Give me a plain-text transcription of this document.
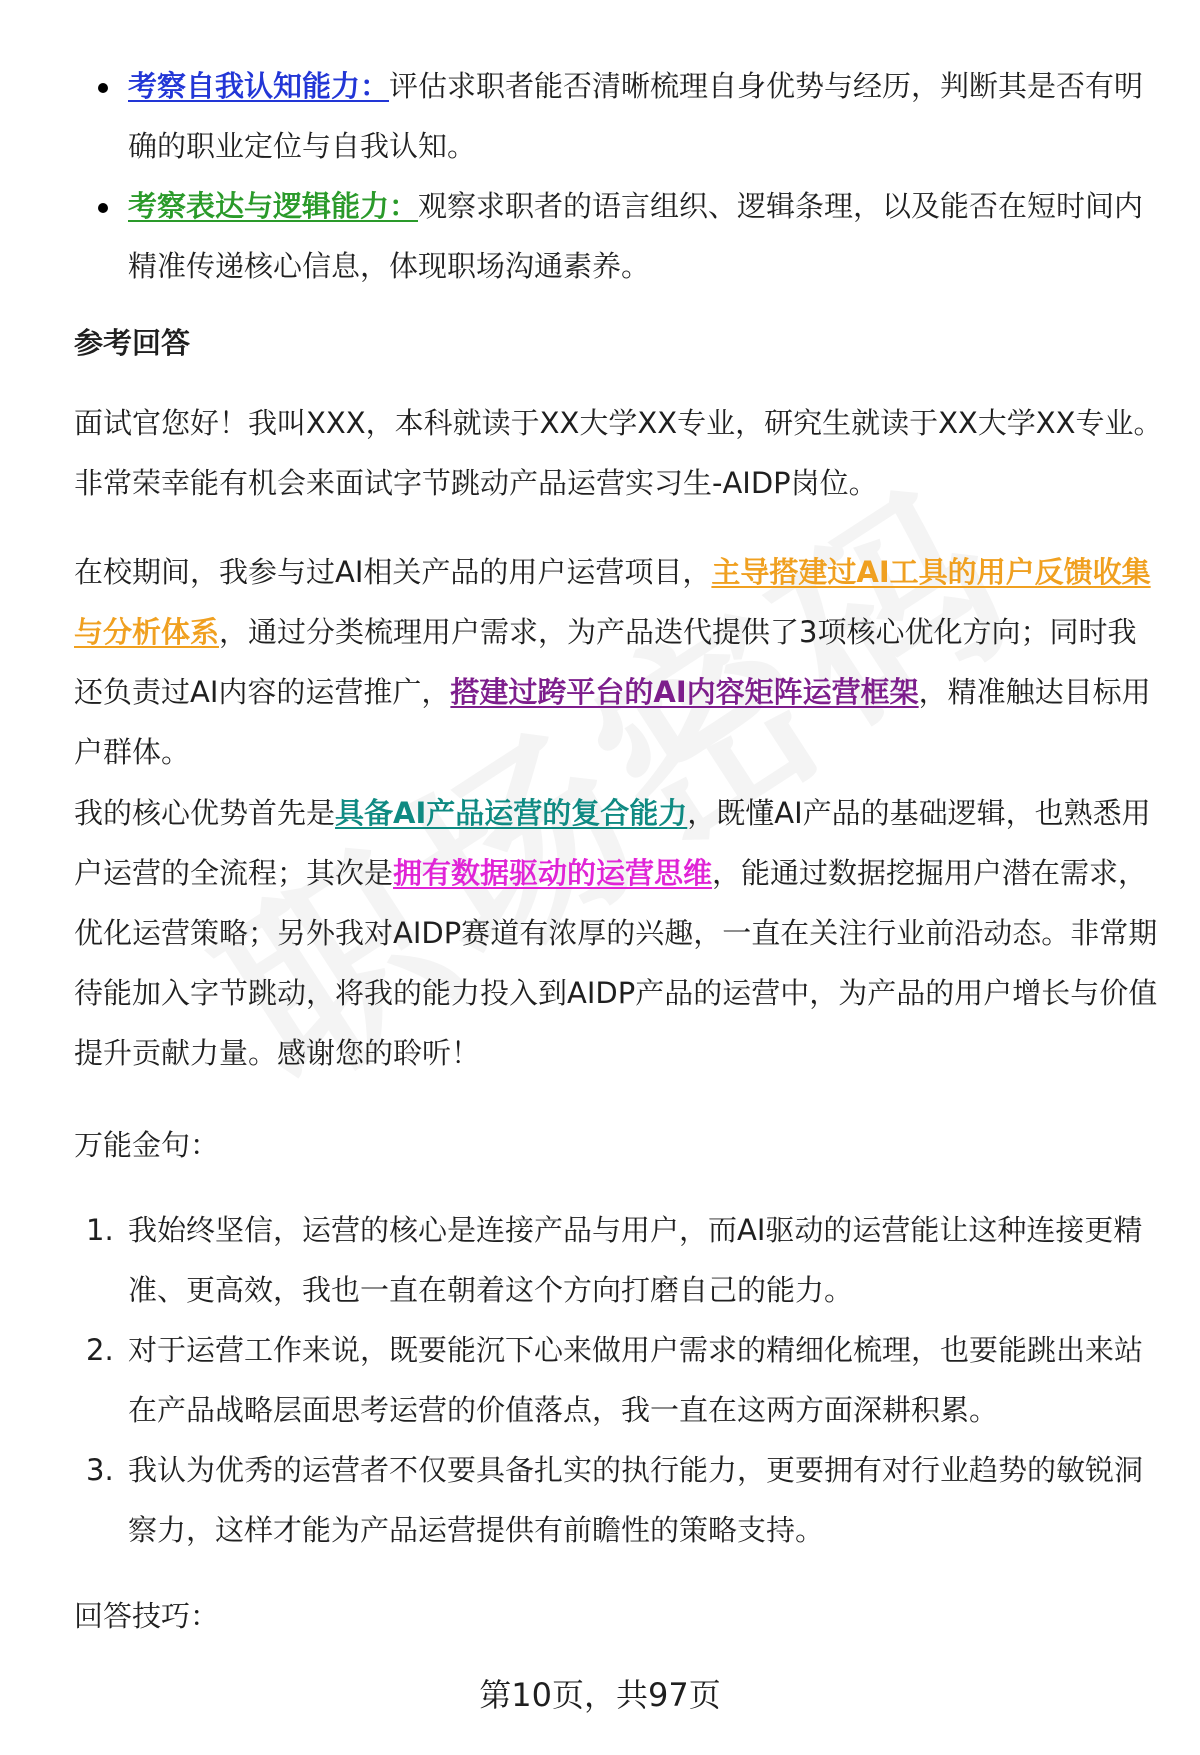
考察自我认知能力：评估求职者能否清晰梳理自身优势与经历，判断其是否有明确的职业定位与自我认知。
考察表达与逻辑能力：观察求职者的语言组织、逻辑条理，以及能否在短时间内精准传递核心信息，体现职场沟通素养。
参考回答

面试官您好！我叫XXX，本科就读于XX大学XX专业，研究生就读于XX大学XX专业。非常荣幸能有机会来面试字节跳动产品运营实习生-AIDP岗位。

在校期间，我参与过AI相关产品的用户运营项目，主导搭建过AI工具的用户反馈收集与分析体系，通过分类梳理用户需求，为产品迭代提供了3项核心优化方向；同时我还负责过AI内容的运营推广，搭建过跨平台的AI内容矩阵运营框架，精准触达目标用户群体。

我的核心优势首先是具备AI产品运营的复合能力，既懂AI产品的基础逻辑，也熟悉用户运营的全流程；其次是拥有数据驱动的运营思维，能通过数据挖掘用户潜在需求，优化运营策略；另外我对AIDP赛道有浓厚的兴趣，一直在关注行业前沿动态。非常期待能加入字节跳动，将我的能力投入到AIDP产品的运营中，为产品的用户增长与价值提升贡献力量。感谢您的聆听！

万能金句：
1. 我始终坚信，运营的核心是连接产品与用户，而AI驱动的运营能让这种连接更精准、更高效，我也一直在朝着这个方向打磨自己的能力。
2. 对于运营工作来说，既要能沉下心来做用户需求的精细化梳理，也要能跳出来站在产品战略层面思考运营的价值落点，我一直在这两方面深耕积累。
3. 我认为优秀的运营者不仅要具备扎实的执行能力，更要拥有对行业趋势的敏锐洞察力，这样才能为产品运营提供有前瞻性的策略支持。
回答技巧：
第10页，共97页
